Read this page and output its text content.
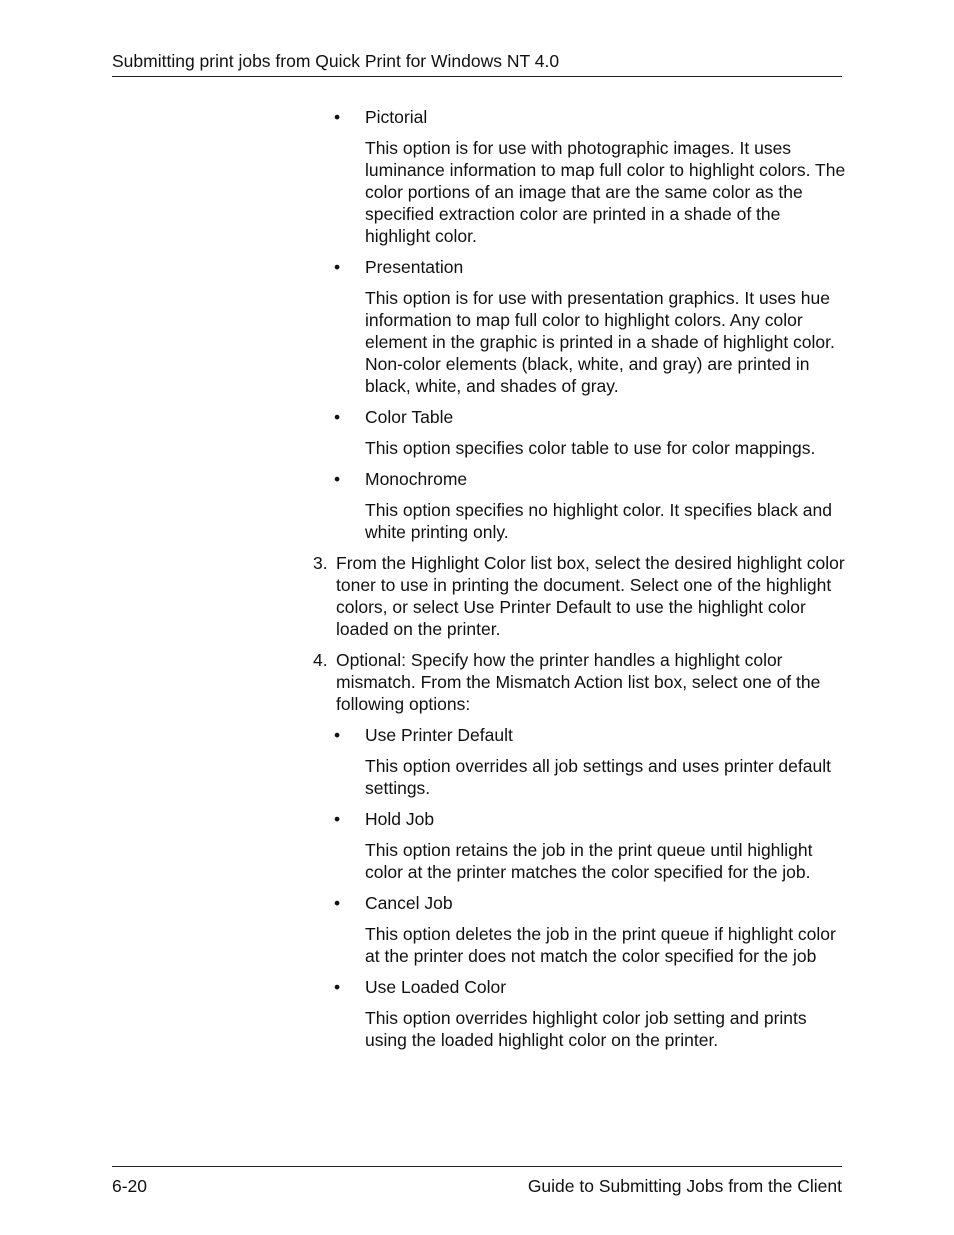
Submitting print jobs from Quick Print for Windows NT 4.0
• Pictorial
This option is for use with photographic images. It uses luminance information to map full color to highlight colors. The color portions of an image that are the same color as the specified extraction color are printed in a shade of the highlight color.
• Presentation
This option is for use with presentation graphics. It uses hue information to map full color to highlight colors. Any color element in the graphic is printed in a shade of highlight color. Non-color elements (black, white, and gray) are printed in black, white, and shades of gray.
• Color Table
This option specifies color table to use for color mappings.
• Monochrome
This option specifies no highlight color. It specifies black and white printing only.
3. From the Highlight Color list box, select the desired highlight color toner to use in printing the document. Select one of the highlight colors, or select Use Printer Default to use the highlight color loaded on the printer.
4. Optional: Specify how the printer handles a highlight color mismatch. From the Mismatch Action list box, select one of the following options:
• Use Printer Default
This option overrides all job settings and uses printer default settings.
• Hold Job
This option retains the job in the print queue until highlight color at the printer matches the color specified for the job.
• Cancel Job
This option deletes the job in the print queue if highlight color at the printer does not match the color specified for the job
• Use Loaded Color
This option overrides highlight color job setting and prints using the loaded highlight color on the printer.
6-20	Guide to Submitting Jobs from the Client
